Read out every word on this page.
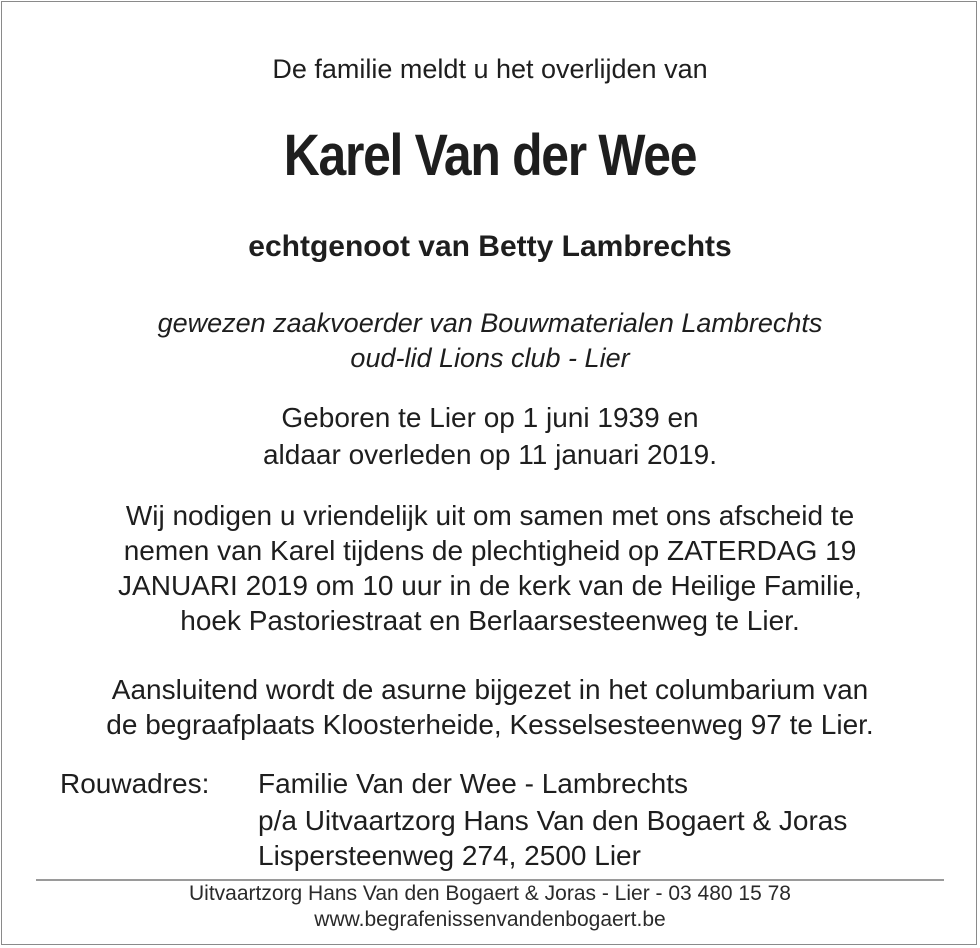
De familie meldt u het overlijden van
Karel Van der Wee
echtgenoot van Betty Lambrechts
gewezen zaakvoerder van Bouwmaterialen Lambrechts
oud-lid Lions club - Lier
Geboren te Lier op 1 juni 1939 en
aldaar overleden op 11 januari 2019.
Wij nodigen u vriendelijk uit om samen met ons afscheid te
nemen van Karel tijdens de plechtigheid op ZATERDAG 19
JANUARI 2019 om 10 uur in de kerk van de Heilige Familie,
hoek Pastoriestraat en Berlaarsesteenweg te Lier.
Aansluitend wordt de asurne bijgezet in het columbarium van
de begraafplaats Kloosterheide, Kesselsesteenweg 97 te Lier.
Rouwadres: Familie Van der Wee - Lambrechts
p/a Uitvaartzorg Hans Van den Bogaert & Joras
Lispersteenweg 274, 2500 Lier
Uitvaartzorg Hans Van den Bogaert & Joras - Lier - 03 480 15 78
www.begrafenissenvandenbogaert.be
